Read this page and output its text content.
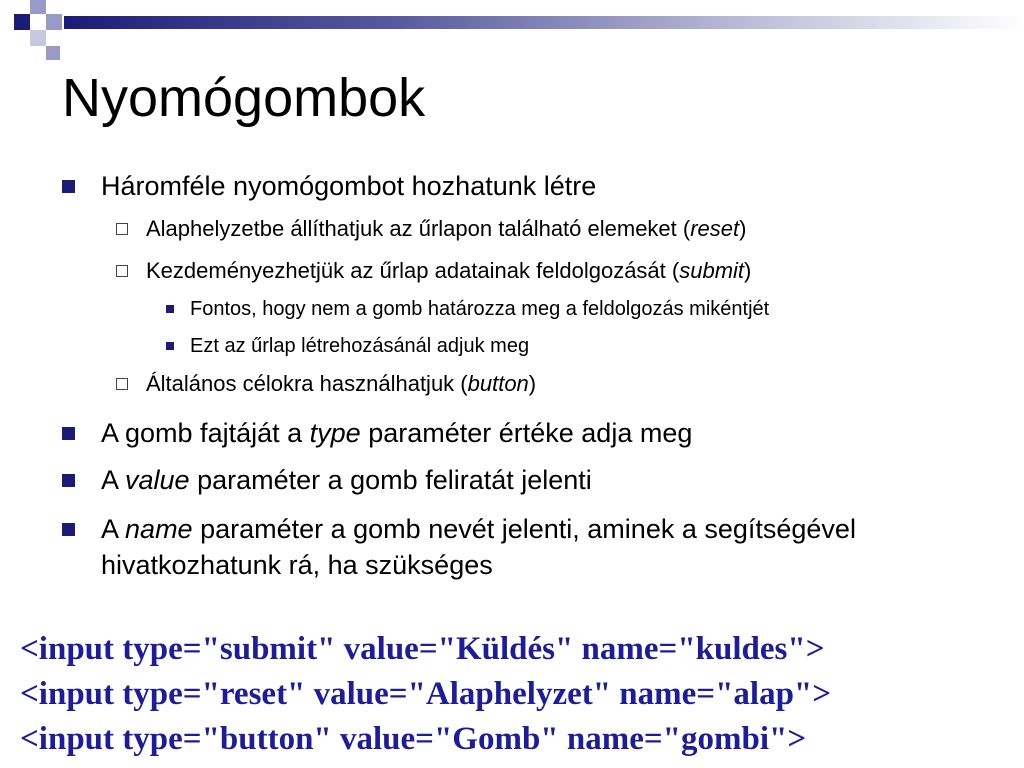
Nyomógombok
Háromféle nyomógombot hozhatunk létre
Alaphelyzetbe állíthatjuk az űrlapon található elemeket (reset)
Kezdeményezhetjük az űrlap adatainak feldolgozását (submit)
Fontos, hogy nem a gomb határozza meg a feldolgozás mikéntjét
Ezt az űrlap létrehozásánál adjuk meg
Általános célokra használhatjuk (button)
A gomb fajtáját a type paraméter értéke adja meg
A value paraméter a gomb feliratát jelenti
A name paraméter a gomb nevét jelenti, aminek a segítségével hivatkozhatunk rá, ha szükséges
<input type="submit" value="Küldés" name="kuldes">
<input type="reset" value="Alaphelyzet" name="alap">
<input type="button" value="Gomb" name="gombi">
